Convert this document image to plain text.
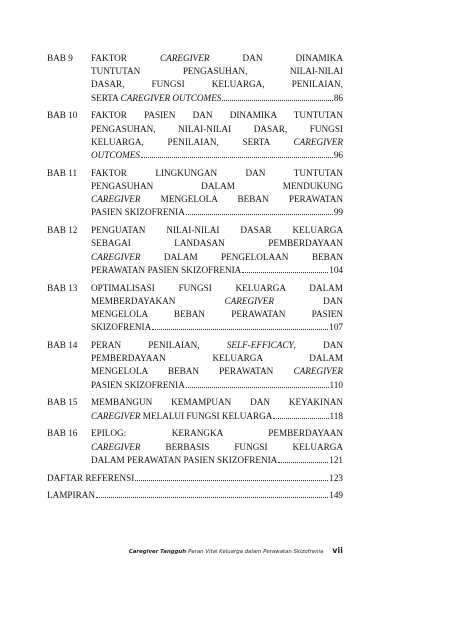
BAB 9	FAKTOR CAREGIVER DAN DINAMIKA
TUNTUTAN PENGASUHAN, NILAI-NILAI
DASAR, FUNGSI KELUARGA, PENILAIAN,
SERTA CAREGIVER OUTCOMES	86
BAB 10	FAKTOR PASIEN DAN DINAMIKA TUNTUTAN
PENGASUHAN, NILAI-NILAI DASAR, FUNGSI
KELUARGA, PENILAIAN, SERTA CAREGIVER
OUTCOMES	96
BAB 11	FAKTOR LINGKUNGAN DAN TUNTUTAN
PENGASUHAN DALAM MENDUKUNG
CAREGIVER MENGELOLA BEBAN PERAWATAN
PASIEN SKIZOFRENIA	99
BAB 12	PENGUATAN NILAI-NILAI DASAR KELUARGA
SEBAGAI LANDASAN PEMBERDAYAAN
CAREGIVER DALAM PENGELOLAAN BEBAN
PERAWATAN PASIEN SKIZOFRENIA	104
BAB 13	OPTIMALISASI FUNGSI KELUARGA DALAM
MEMBERDAYAKAN CAREGIVER DAN
MENGELOLA BEBAN PERAWATAN PASIEN
SKIZOFRENIA	107
BAB 14	PERAN PENILAIAN, SELF-EFFICACY, DAN
PEMBERDAYAAN KELUARGA DALAM
MENGELOLA BEBAN PERAWATAN CAREGIVER
PASIEN SKIZOFRENIA	110
BAB 15	MEMBANGUN KEMAMPUAN DAN KEYAKINAN
CAREGIVER MELALUI FUNGSI KELUARGA	118
BAB 16	EPILOG: KERANGKA PEMBERDAYAAN
CAREGIVER BERBASIS FUNGSI KELUARGA
DALAM PERAWATAN PASIEN SKIZOFRENIA	121
DAFTAR REFERENSI	123
LAMPIRAN	149
Caregiver Tangguh Peran Vital Keluarga dalam Perawatan Skizofrenia vii
